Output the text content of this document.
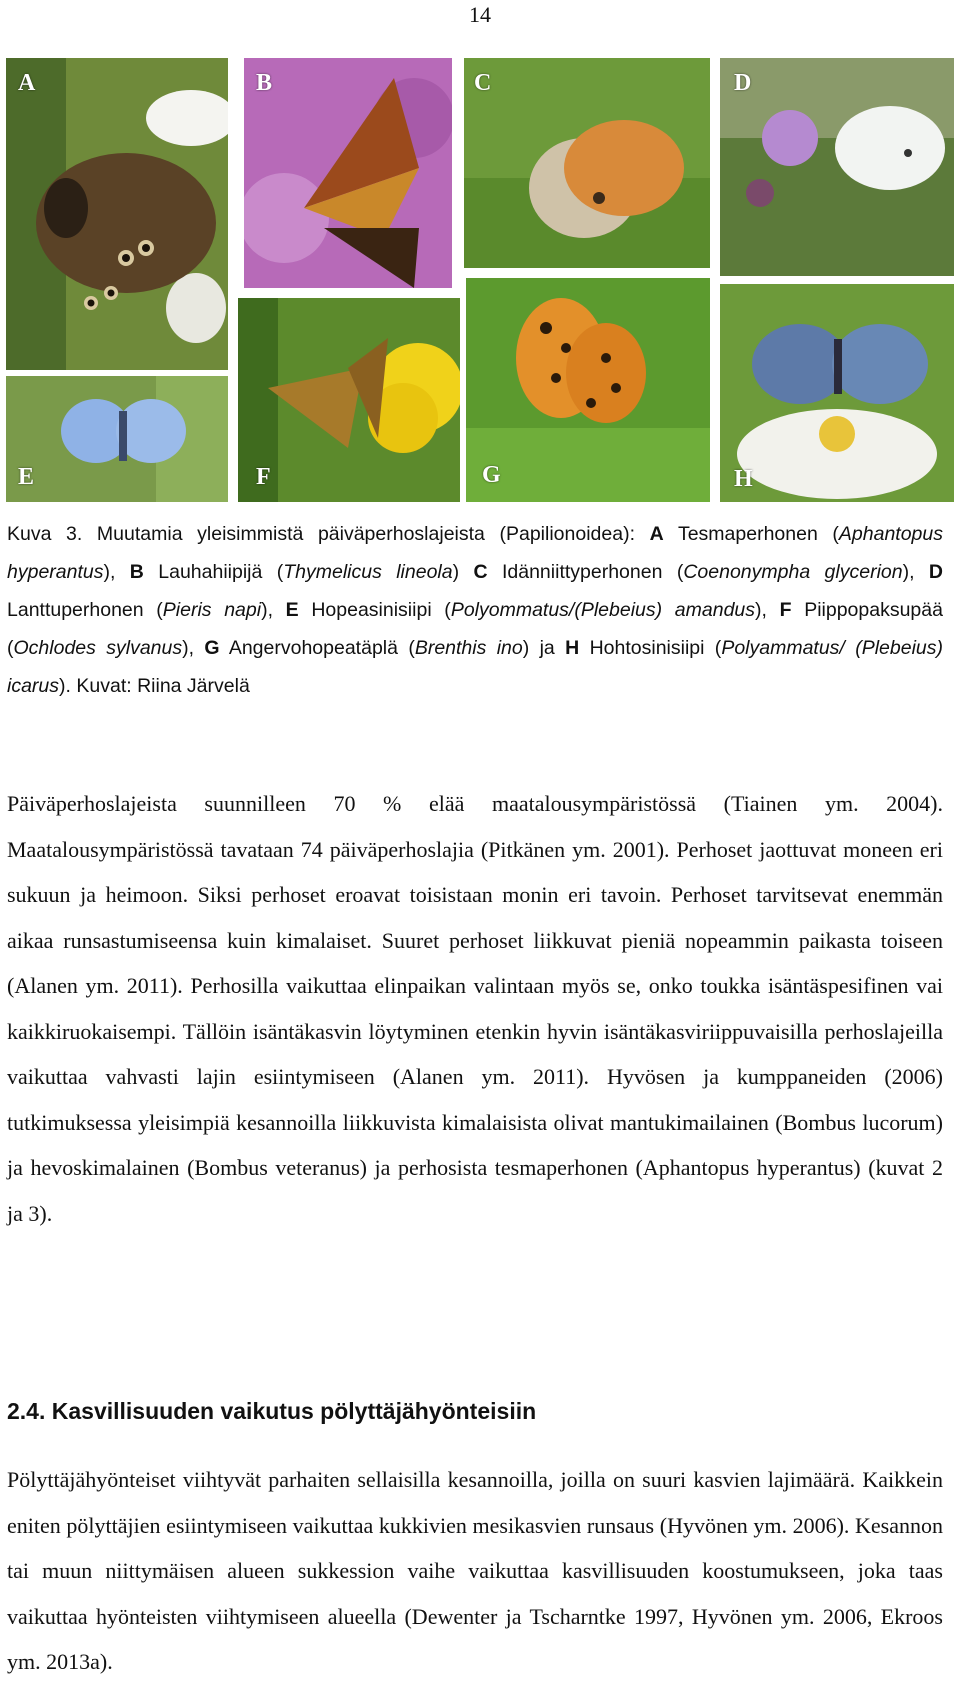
14
A
E
B
F
C
G
D
H
Kuva 3. Muutamia yleisimmistä päiväperhoslajeista (Papilionoidea): A Tesmaperhonen (Aphantopus hyperantus), B Lauhahiipijä (Thymelicus lineola) C Idänniittyperhonen (Coenonympha glycerion), D Lanttuperhonen (Pieris napi), E Hopeasinisiipi (Polyommatus/(Plebeius) amandus), F Piippopaksupää (Ochlodes sylvanus), G Angervohopeatäplä (Brenthis ino) ja H Hohtosinisiipi (Polyammatus/ (Plebeius) icarus). Kuvat: Riina Järvelä

Päiväperhoslajeista suunnilleen 70 % elää maatalousympäristössä (Tiainen ym. 2004). Maatalousympäristössä tavataan 74 päiväperhoslajia (Pitkänen ym. 2001). Perhoset jaottuvat moneen eri sukuun ja heimoon. Siksi perhoset eroavat toisistaan monin eri tavoin. Perhoset tarvitsevat enemmän aikaa runsastumiseensa kuin kimalaiset. Suuret perhoset liikkuvat pieniä nopeammin paikasta toiseen (Alanen ym. 2011). Perhosilla vaikuttaa elinpaikan valintaan myös se, onko toukka isäntäspesifinen vai kaikkiruokaisempi. Tällöin isäntäkasvin löytyminen etenkin hyvin isäntäkasviriippuvaisilla perhoslajeilla vaikuttaa vahvasti lajin esiintymiseen (Alanen ym. 2011). Hyvösen ja kumppaneiden (2006) tutkimuksessa yleisimpiä kesannoilla liikkuvista kimalaisista olivat mantukimailainen (Bombus lucorum) ja hevoskimalainen (Bombus veteranus) ja perhosista tesmaperhonen (Aphantopus hyperantus) (kuvat 2 ja 3).

2.4. Kasvillisuuden vaikutus pölyttäjähyönteisiin

Pölyttäjähyönteiset viihtyvät parhaiten sellaisilla kesannoilla, joilla on suuri kasvien lajimäärä. Kaikkein eniten pölyttäjien esiintymiseen vaikuttaa kukkivien mesikasvien runsaus (Hyvönen ym. 2006). Kesannon tai muun niittymäisen alueen sukkession vaihe vaikuttaa kasvillisuuden koostumukseen, joka taas vaikuttaa hyönteisten viihtymiseen alueella (Dewenter ja Tscharntke 1997, Hyvönen ym. 2006, Ekroos ym. 2013a).
